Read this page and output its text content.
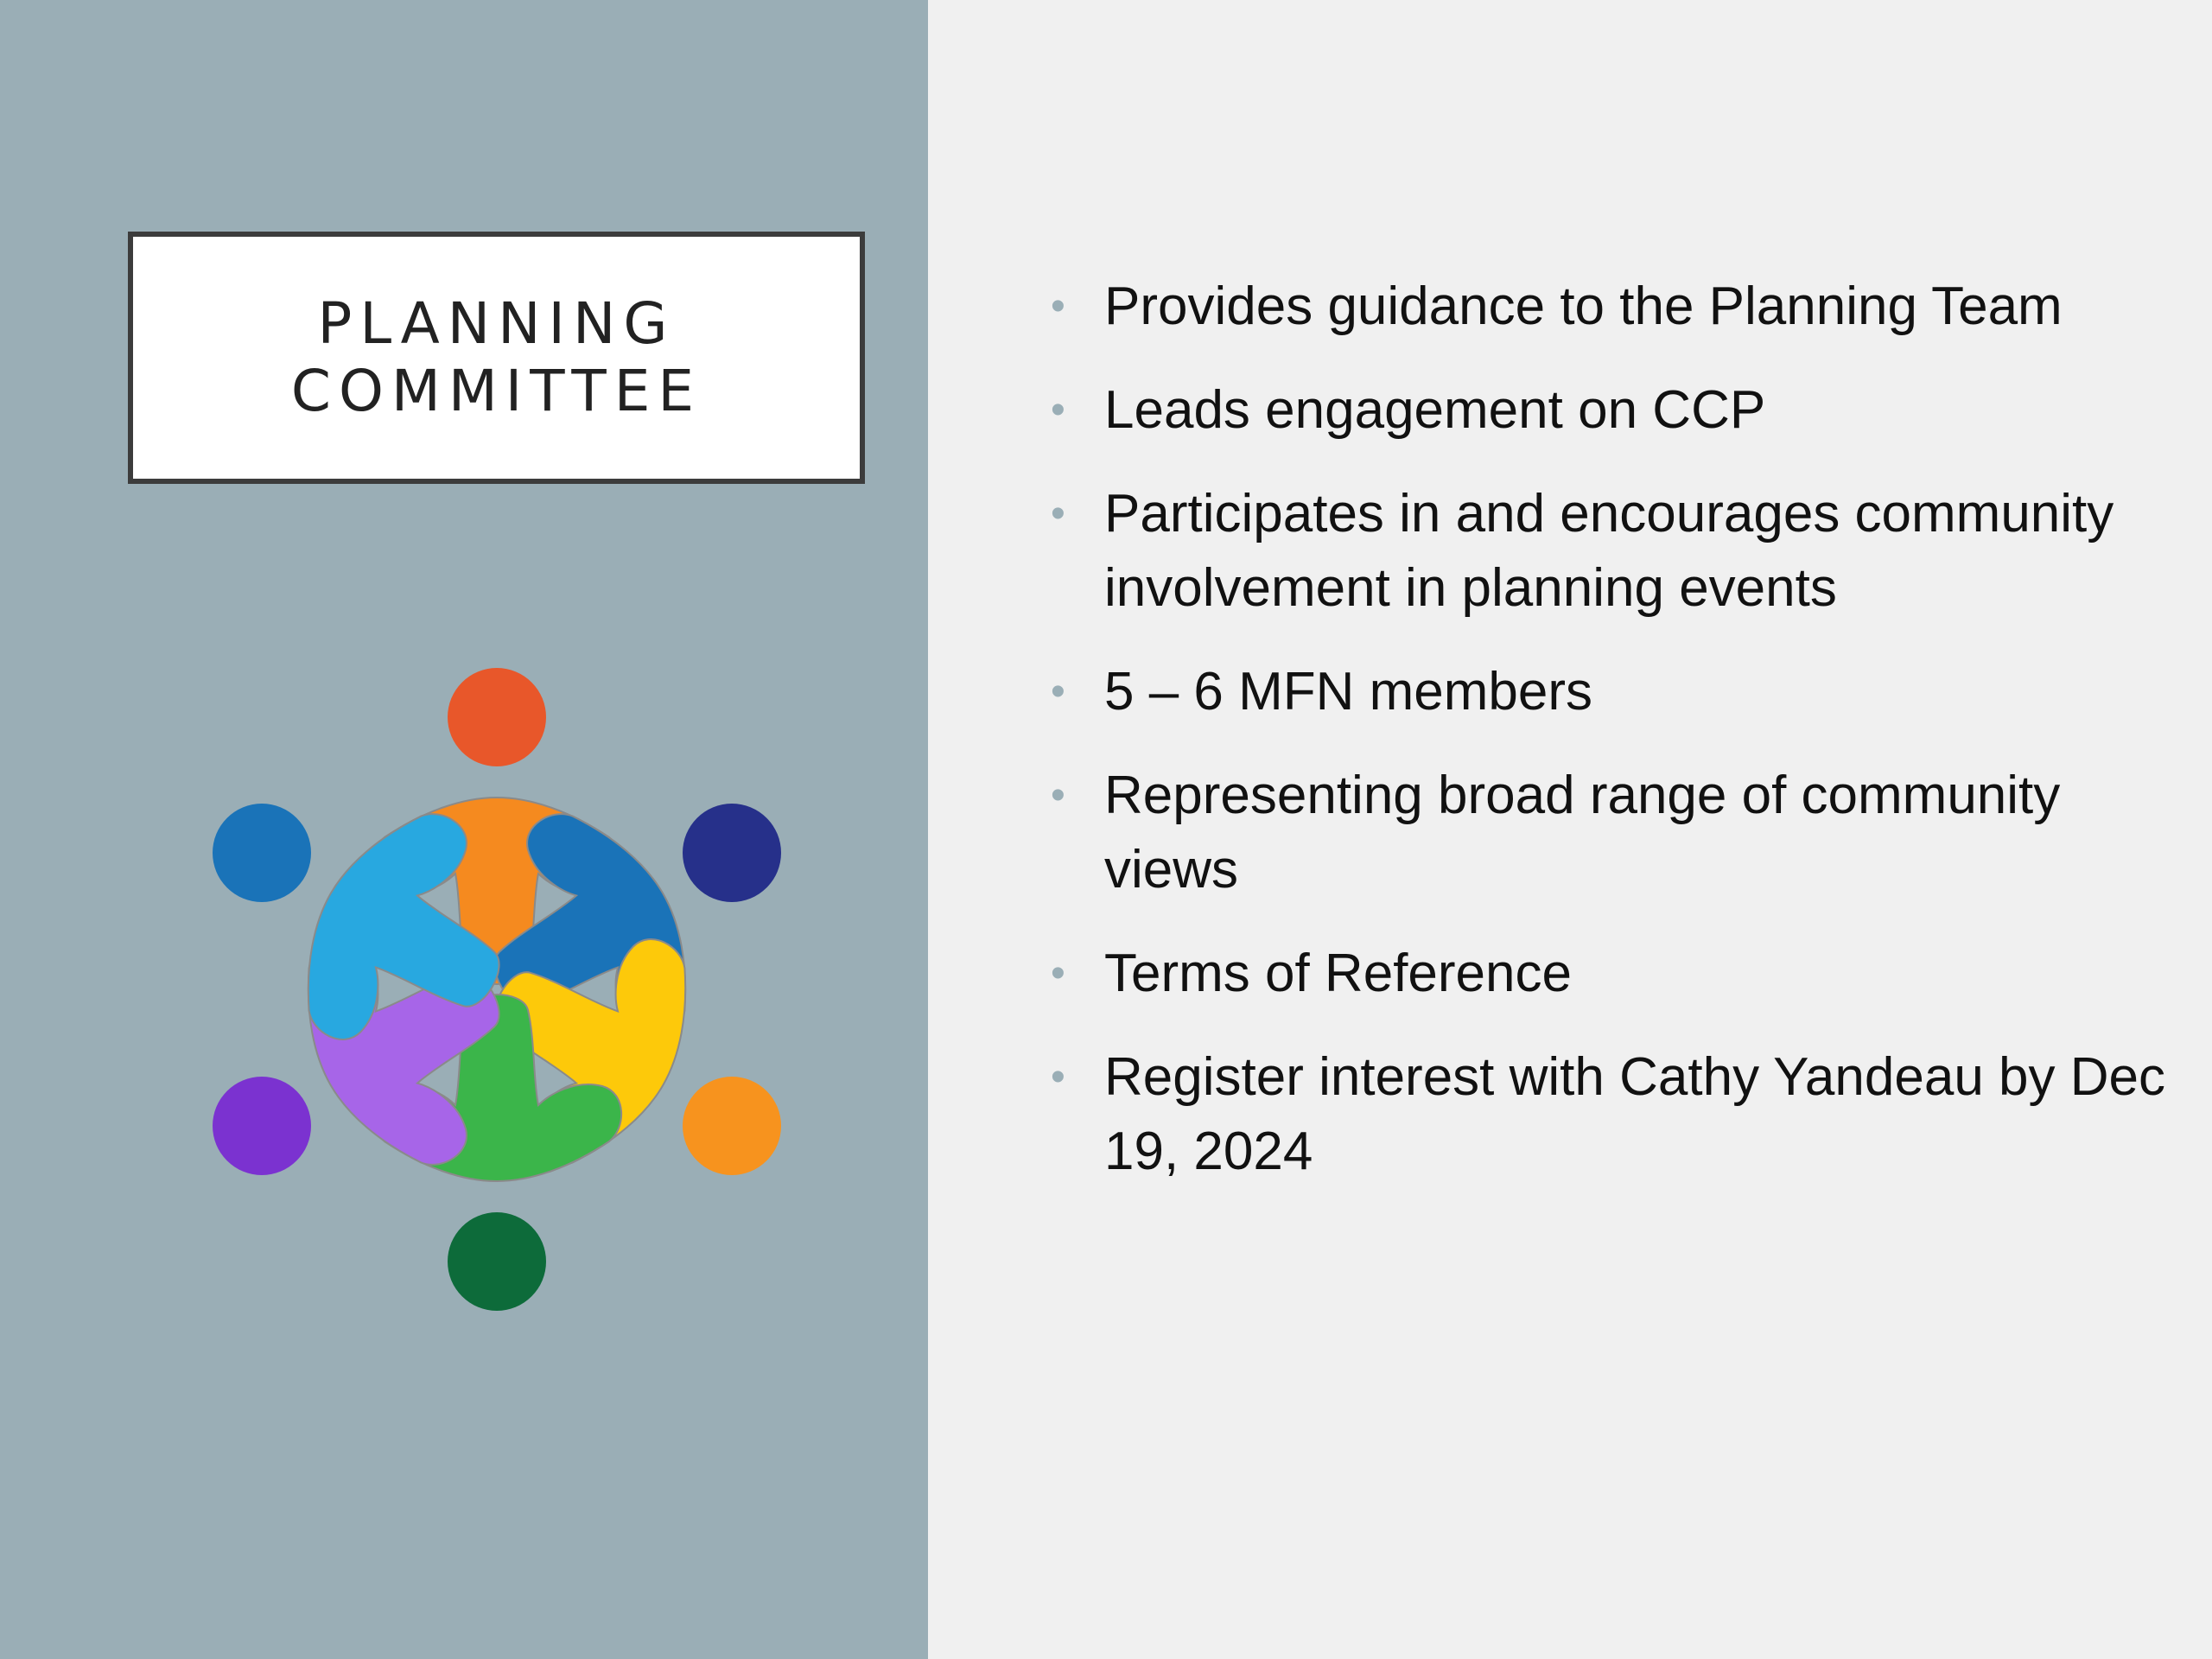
PLANNING
COMMITTEE
• Provides guidance to the Planning Team
• Leads engagement on CCP
• Participates in and encourages community involvement in planning events
• 5 – 6 MFN members
• Representing broad range of community views
• Terms of Reference
• Register interest with Cathy Yandeau by Dec 19, 2024
